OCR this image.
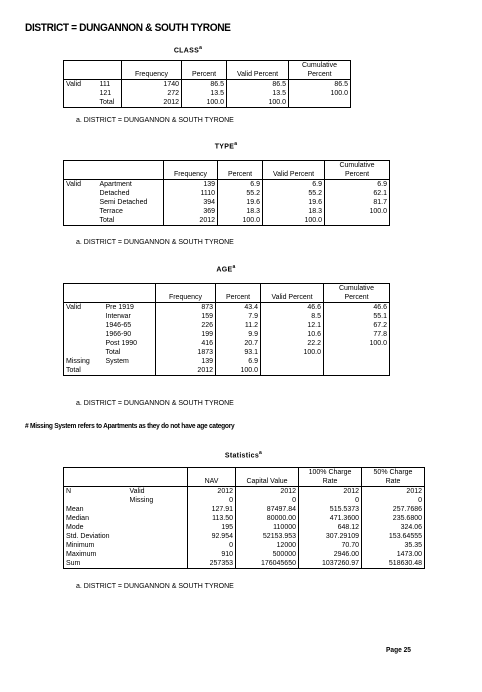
DISTRICT = DUNGANNON & SOUTH TYRONE
CLASS$^a$
					Cumulative
		Frequency	Percent	Valid Percent	Percent
Valid	111	1740	86.5	86.5	86.5
	121	272	13.5	13.5	100.0
	Total	2012	100.0	100.0	
a. DISTRICT = DUNGANNON & SOUTH TYRONE
TYPE$^a$
					Cumulative
		Frequency	Percent	Valid Percent	Percent
Valid	Apartment	139	6.9	6.9	6.9
	Detached	1110	55.2	55.2	62.1
	Semi Detached	394	19.6	19.6	81.7
	Terrace	369	18.3	18.3	100.0
	Total	2012	100.0	100.0	
a. DISTRICT = DUNGANNON & SOUTH TYRONE
AGE$^a$
					Cumulative
		Frequency	Percent	Valid Percent	Percent
Valid	Pre 1919	873	43.4	46.6	46.6
	Interwar	159	7.9	8.5	55.1
	1946-65	226	11.2	12.1	67.2
	1966-90	199	9.9	10.6	77.8
	Post 1990	416	20.7	22.2	100.0
	Total	1873	93.1	100.0	
Missing	System	139	6.9		
Total		2012	100.0		
a. DISTRICT = DUNGANNON & SOUTH TYRONE
# Missing System refers to Apartments as they do not have age category
Statistics$^a$
				100% Charge	50% Charge
		NAV	Capital Value	Rate	Rate
N	Valid	2012	2012	2012	2012
	Missing	0	0	0	0
Mean		127.91	87497.84	515.5373	257.7686
Median		113.50	80000.00	471.3600	235.6800
Mode		195	110000	648.12	324.06
Std. Deviation		92.954	52153.953	307.29109	153.64555
Minimum		0	12000	70.70	35.35
Maximum		910	500000	2946.00	1473.00
Sum		257353	176045650	1037260.97	518630.48
a. DISTRICT = DUNGANNON & SOUTH TYRONE
Page 25
